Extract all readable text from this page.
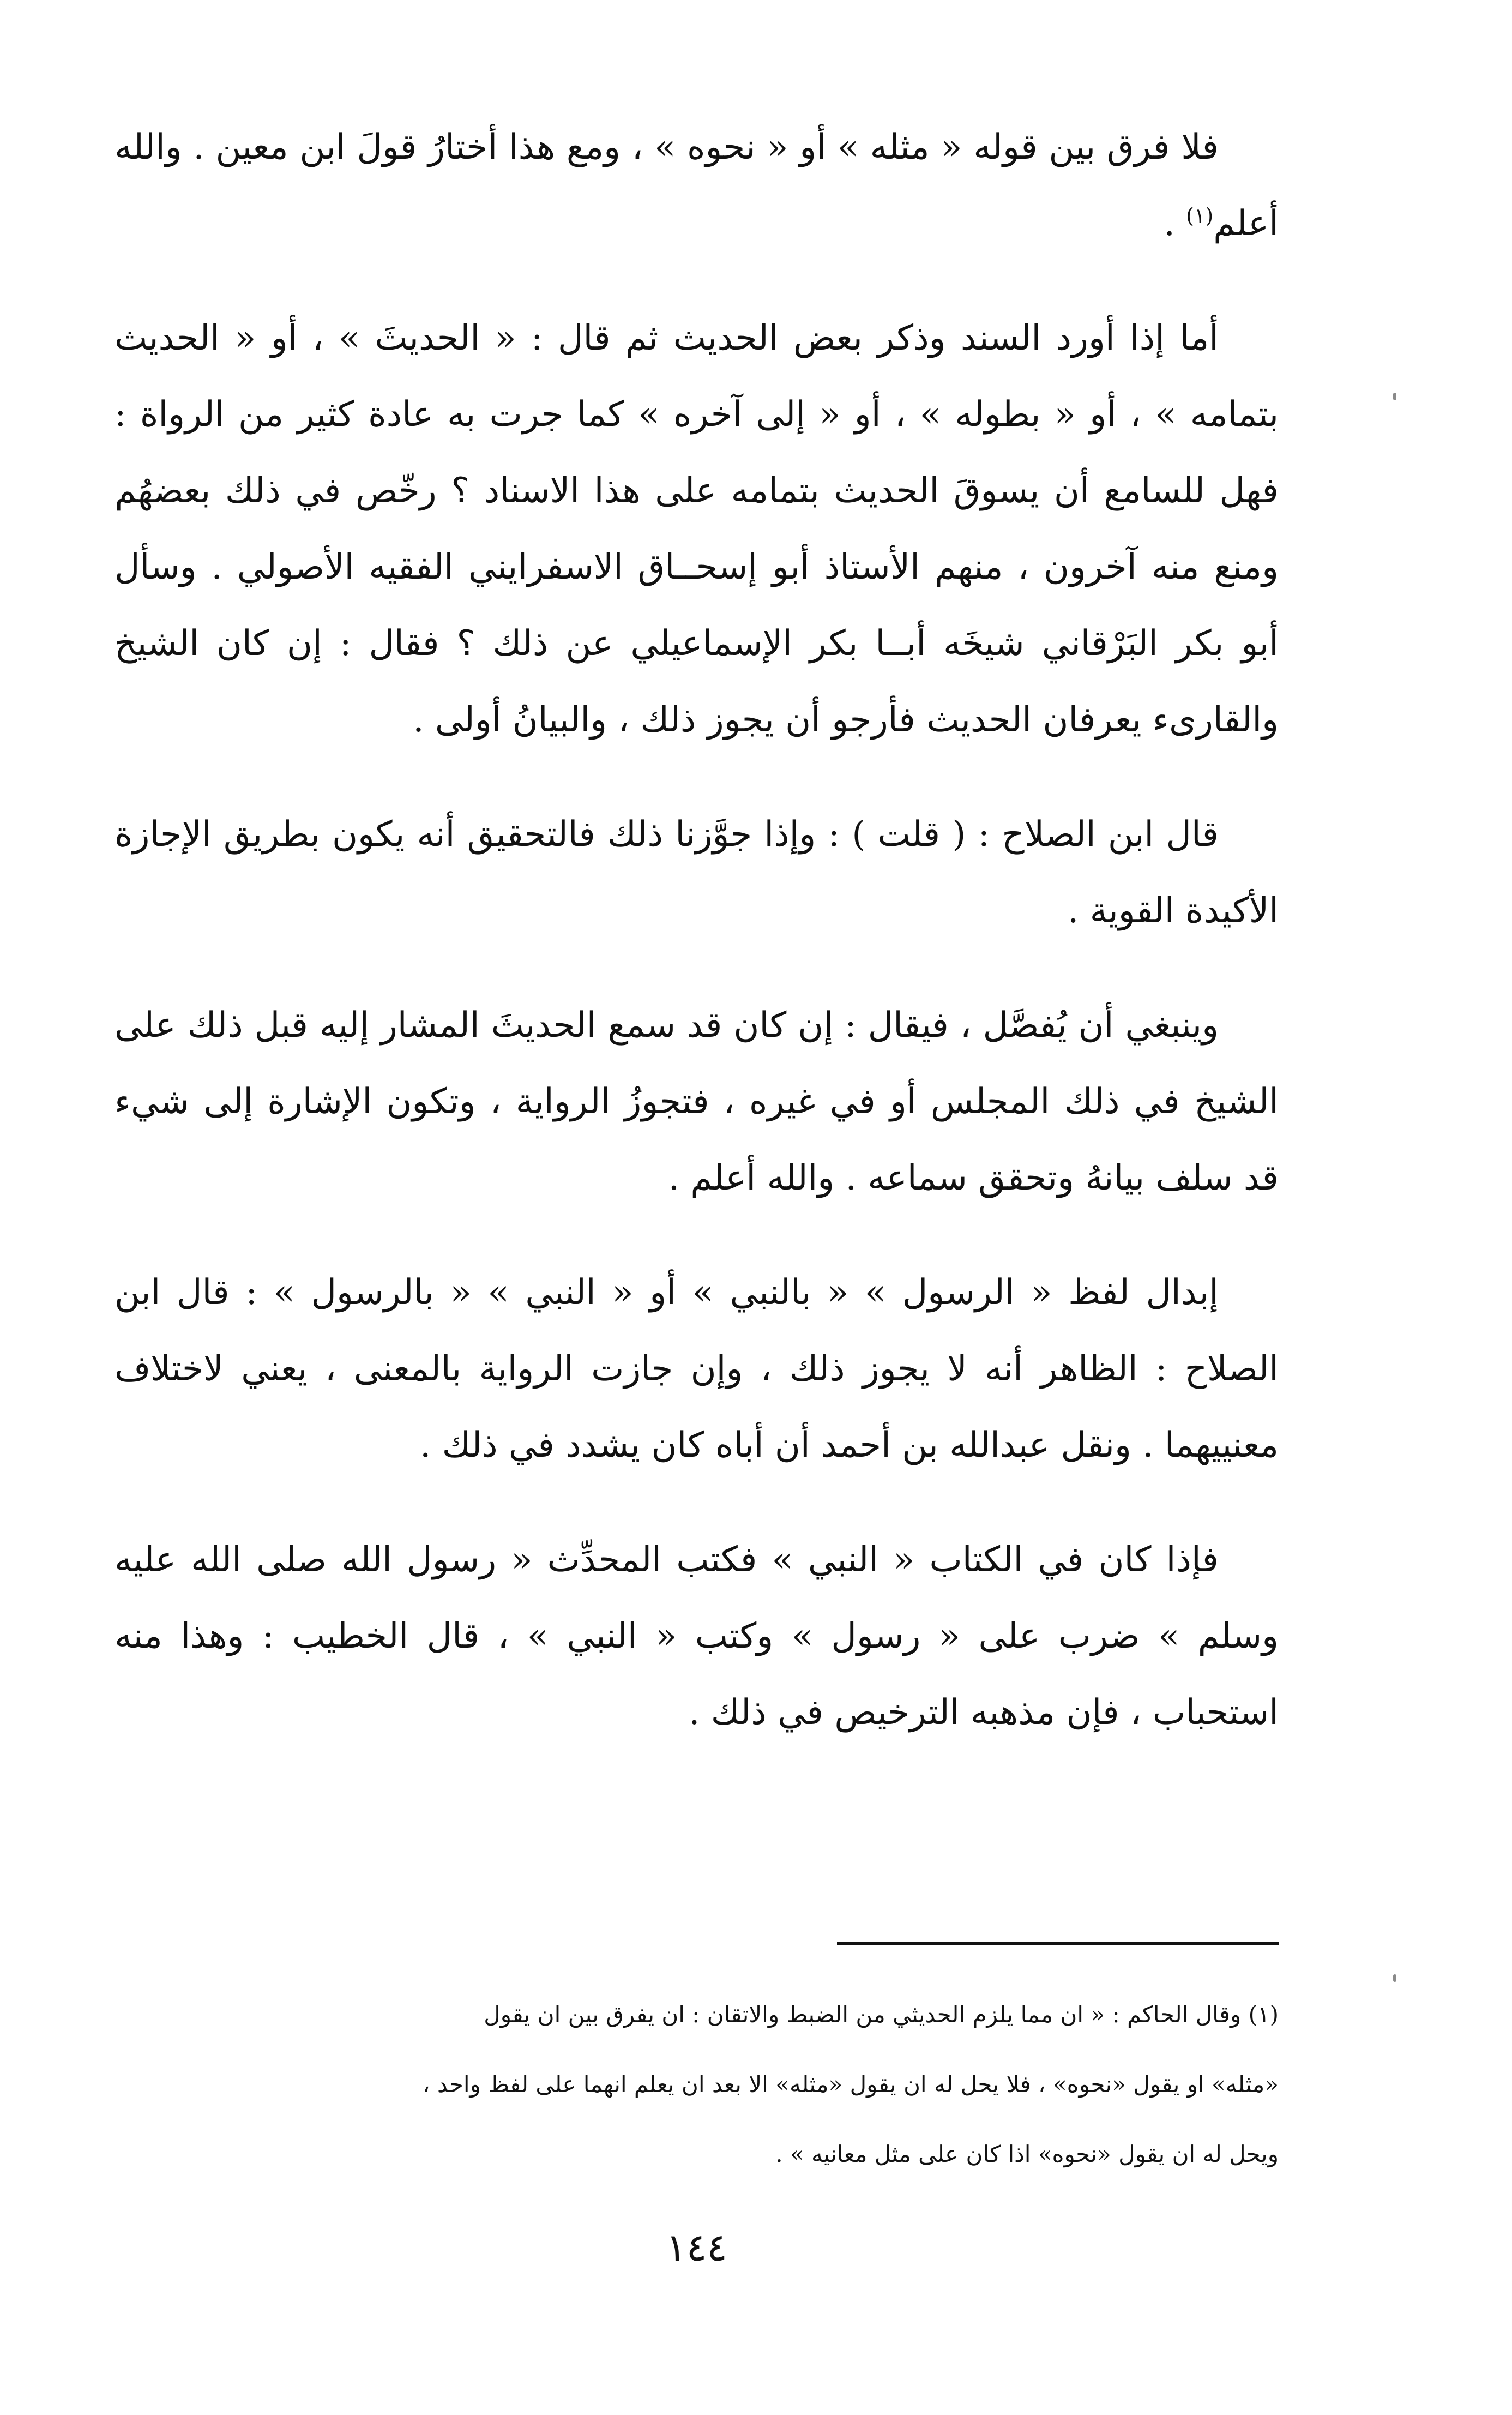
فلا فرق بين قوله « مثله » أو « نحوه » ، ومع هذا أختارُ قولَ ابن معين . والله أعلم$^{(١)}$ .

أما إذا أورد السند وذكر بعض الحديث ثم قال : « الحديثَ » ، أو « الحديث بتمامه » ، أو « بطوله » ، أو « إلى آخره » كما جرت به عادة كثير من الرواة : فهل للسامع أن يسوقَ الحديث بتمامه على هذا الاسناد ؟ رخّص في ذلك بعضهُم ومنع منه آخرون ، منهم الأستاذ أبو إسحــاق الاسفرايني الفقيه الأصولي . وسأل أبو بكر البَرْقاني شيخَه أبــا بكر الإسماعيلي عن ذلك ؟ فقال : إن كان الشيخ والقارىء يعرفان الحديث فأرجو أن يجوز ذلك ، والبيانُ أولى .

قال ابن الصلاح : ( قلت ) : وإذا جوَّزنا ذلك فالتحقيق أنه يكون بطريق الإجازة الأكيدة القوية .

وينبغي أن يُفصَّل ، فيقال : إن كان قد سمع الحديثَ المشار إليه قبل ذلك على الشيخ في ذلك المجلس أو في غيره ، فتجوزُ الرواية ، وتكون الإشارة إلى شيء قد سلف بيانهُ وتحقق سماعه . والله أعلم .

إبدال لفظ « الرسول » « بالنبي » أو « النبي » « بالرسول » : قال ابن الصلاح : الظاهر أنه لا يجوز ذلك ، وإن جازت الرواية بالمعنى ، يعني لاختلاف معنييهما . ونقل عبدالله بن أحمد أن أباه كان يشدد في ذلك .

فإذا كان في الكتاب « النبي » فكتب المحدِّث « رسول الله صلى الله عليه وسلم » ضرب على « رسول » وكتب « النبي » ، قال الخطيب : وهذا منه استحباب ، فإن مذهبه الترخيص في ذلك .

(١) وقال الحاكم : « ان مما يلزم الحديثي من الضبط والاتقان : ان يفرق بين ان يقول

«مثله» او يقول «نحوه» ، فلا يحل له ان يقول «مثله» الا بعد ان يعلم انهما على لفظ واحد ،

ويحل له ان يقول «نحوه» اذا كان على مثل معانيه » .

١٤٤
